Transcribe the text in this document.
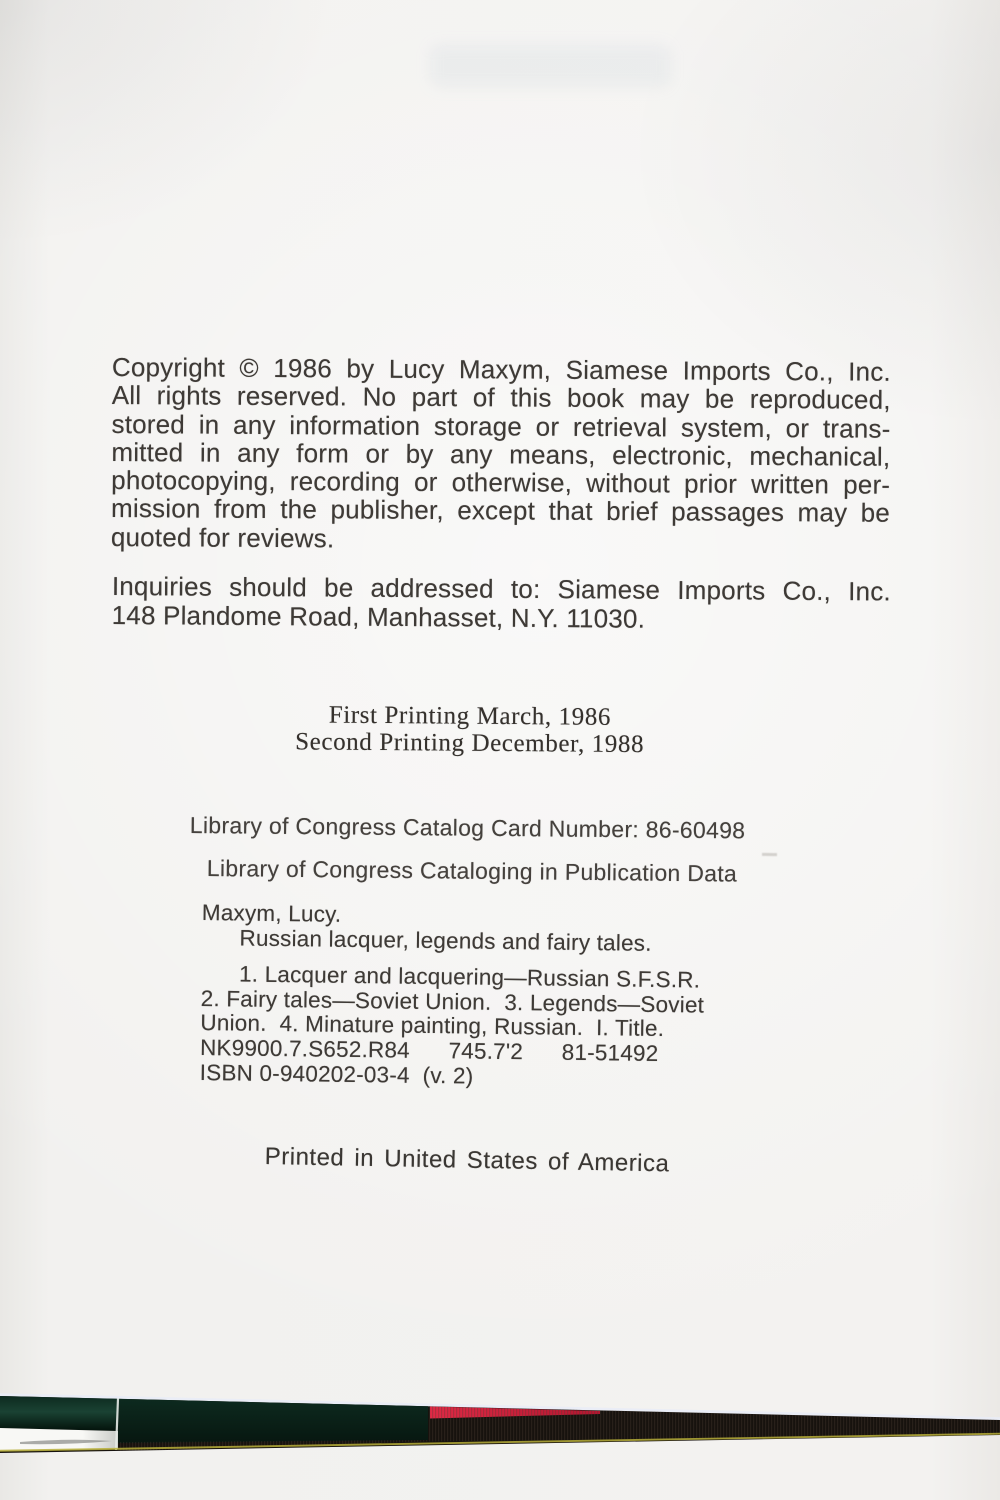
Copyright © 1986 by Lucy Maxym, Siamese Imports Co., Inc.
All rights reserved. No part of this book may be reproduced,
stored in any information storage or retrieval system, or trans-
mitted in any form or by any means, electronic, mechanical,
photocopying, recording or otherwise, without prior written per-
mission from the publisher, except that brief passages may be
quoted for reviews.
Inquiries should be addressed to: Siamese Imports Co., Inc.
148 Plandome Road, Manhasset, N.Y. 11030.
First Printing March, 1986
Second Printing December, 1988
Library of Congress Catalog Card Number: 86-60498
Library of Congress Cataloging in Publication Data
Maxym, Lucy.
Russian lacquer, legends and fairy tales.
1. Lacquer and lacquering—Russian S.F.S.R.
2. Fairy tales—Soviet Union.  3. Legends—Soviet
Union.  4. Minature painting, Russian.  I. Title.
NK9900.7.S652.R84      745.7'2      81-51492
ISBN 0-940202-03-4  (v. 2)
Printed in United States of America
